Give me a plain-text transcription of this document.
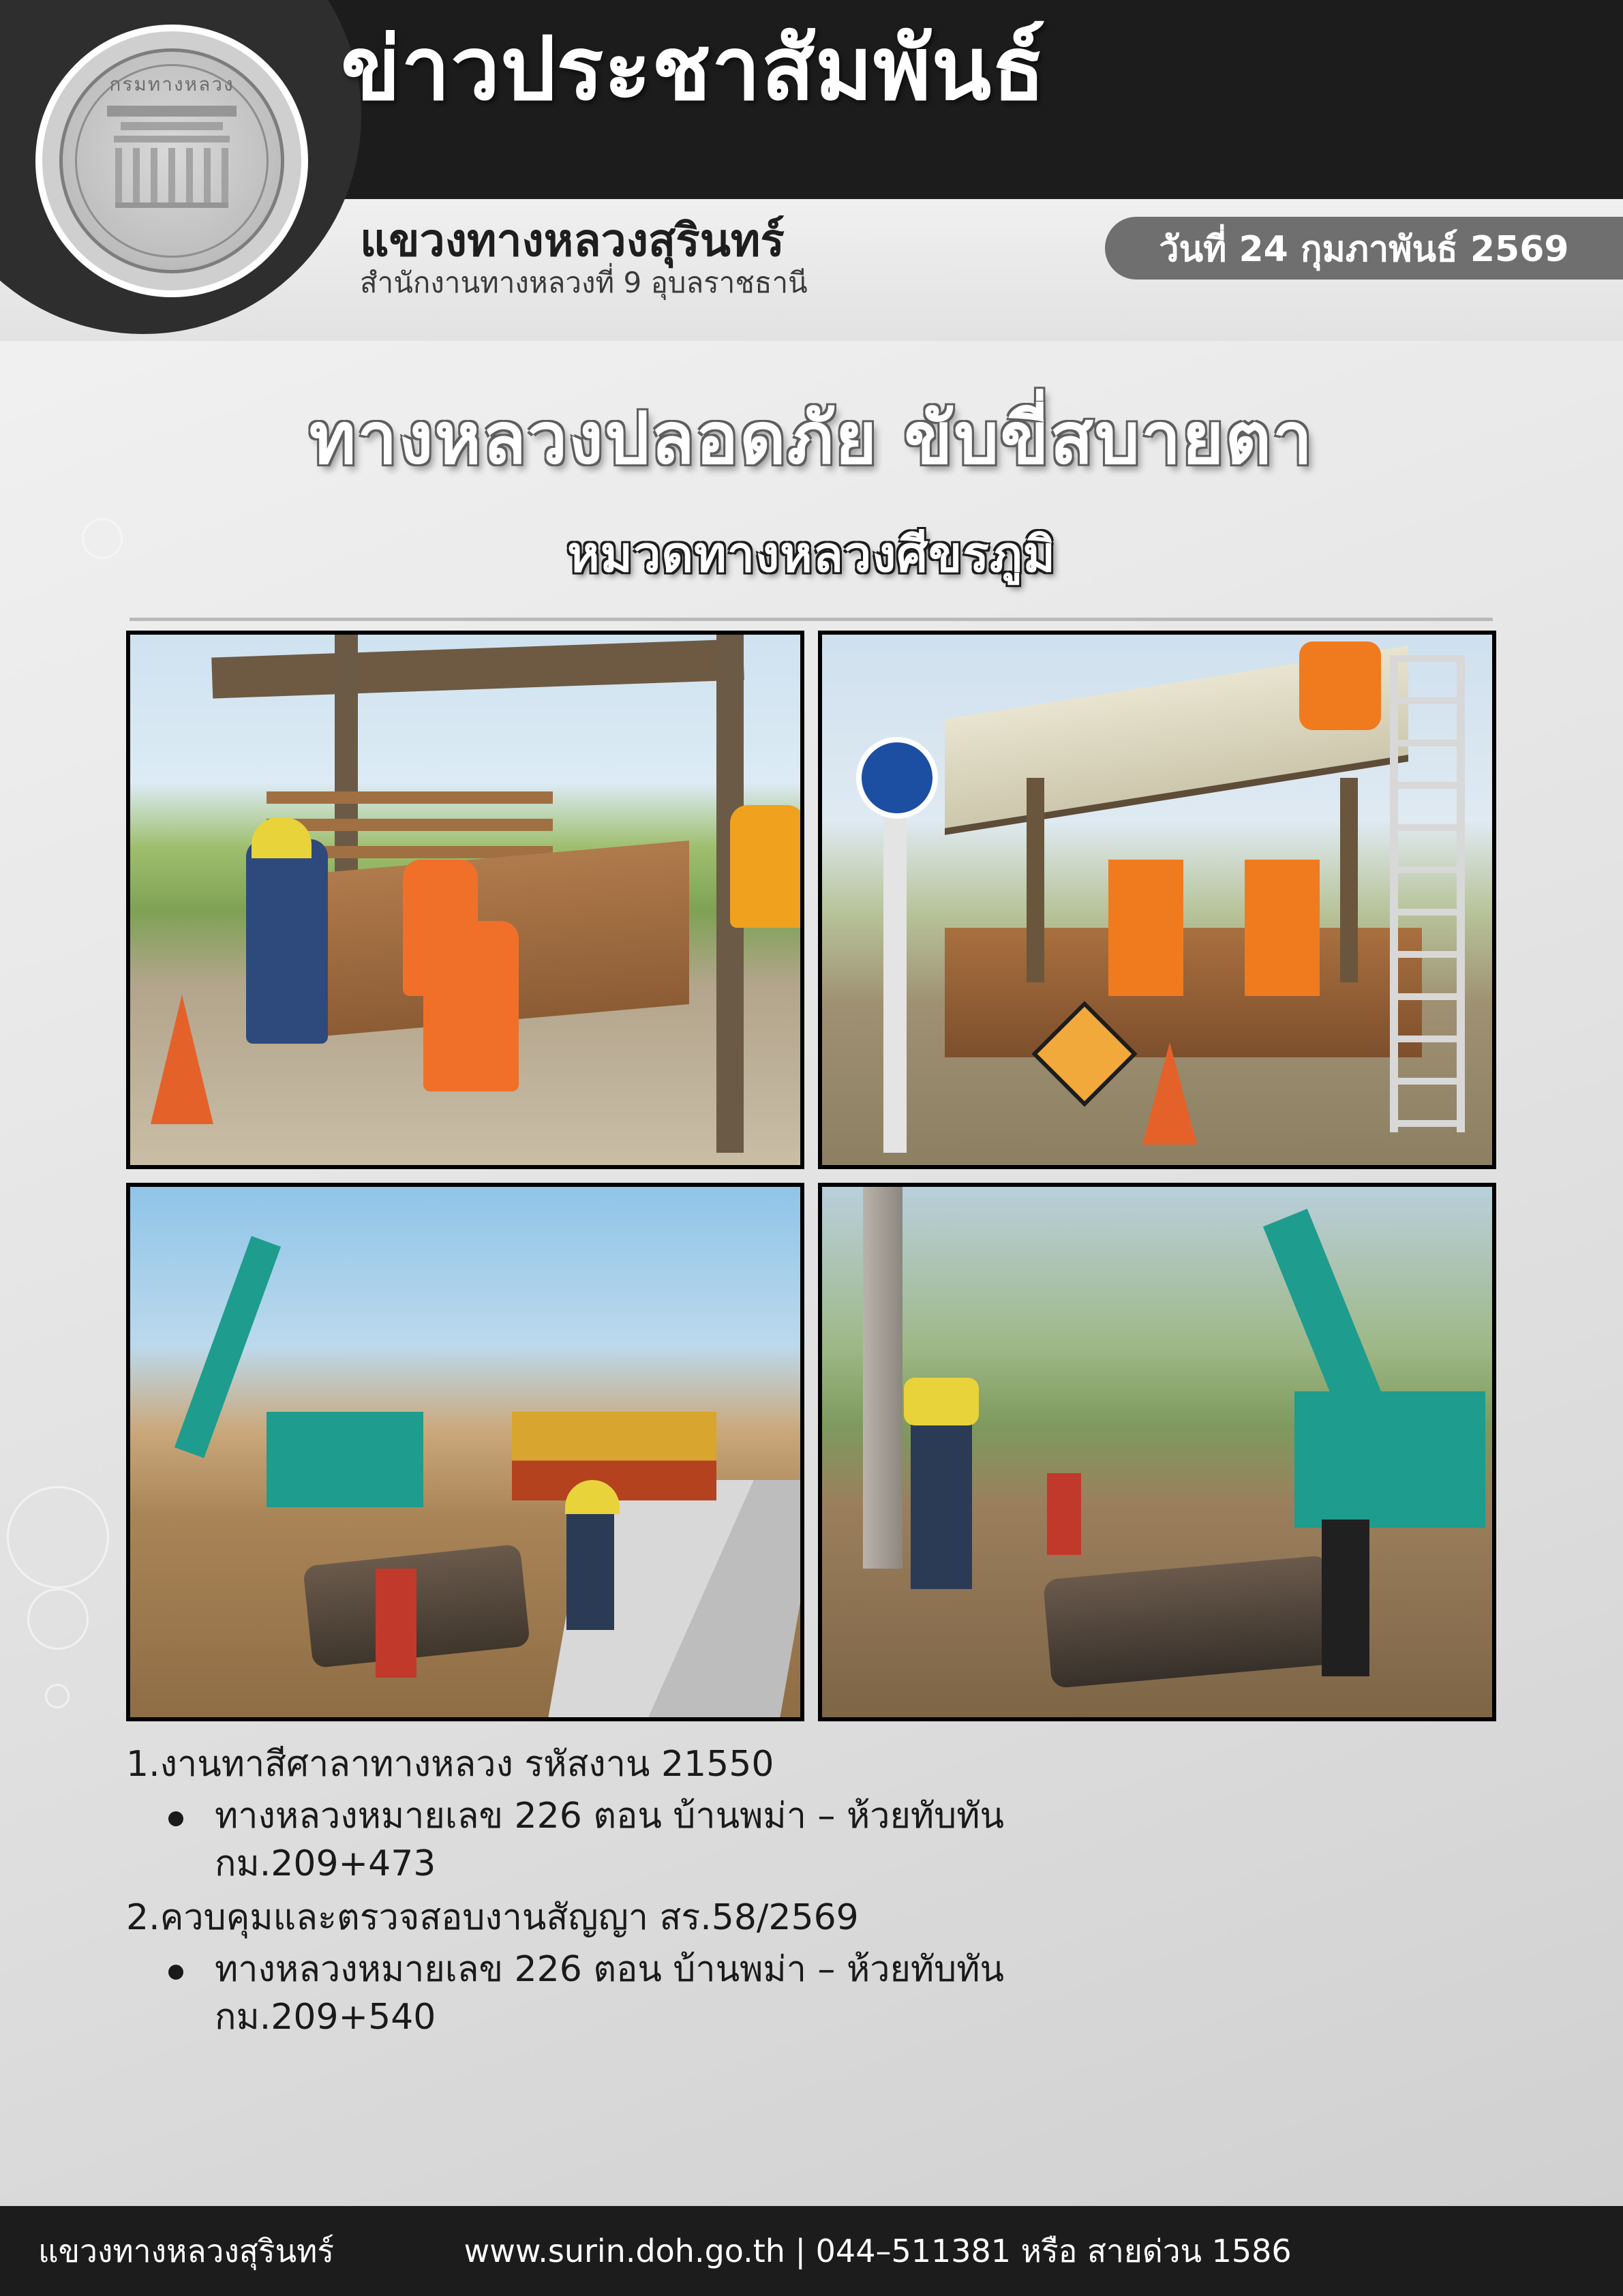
กรมทางหลวง	ข่าวประชาสัมพันธ์
แขวงทางหลวงสุรินทร์
สำนักงานทางหลวงที่ 9 อุบลราชธานี
วันที่ 24 กุมภาพันธ์ 2569
ทางหลวงปลอดภัย ขับขี่สบายตา
หมวดทางหลวงศีขรภูมิ
1.งานทาสีศาลาทางหลวง รหัสงาน 21550
ทางหลวงหมายเลข 226 ตอน บ้านพม่า – ห้วยทับทัน
กม.209+473
2.ควบคุมและตรวจสอบงานสัญญา สร.58/2569
ทางหลวงหมายเลข 226 ตอน บ้านพม่า – ห้วยทับทัน
กม.209+540
แขวงทางหลวงสุรินทร์	www.surin.doh.go.th | 044–511381 หรือ สายด่วน 1586
